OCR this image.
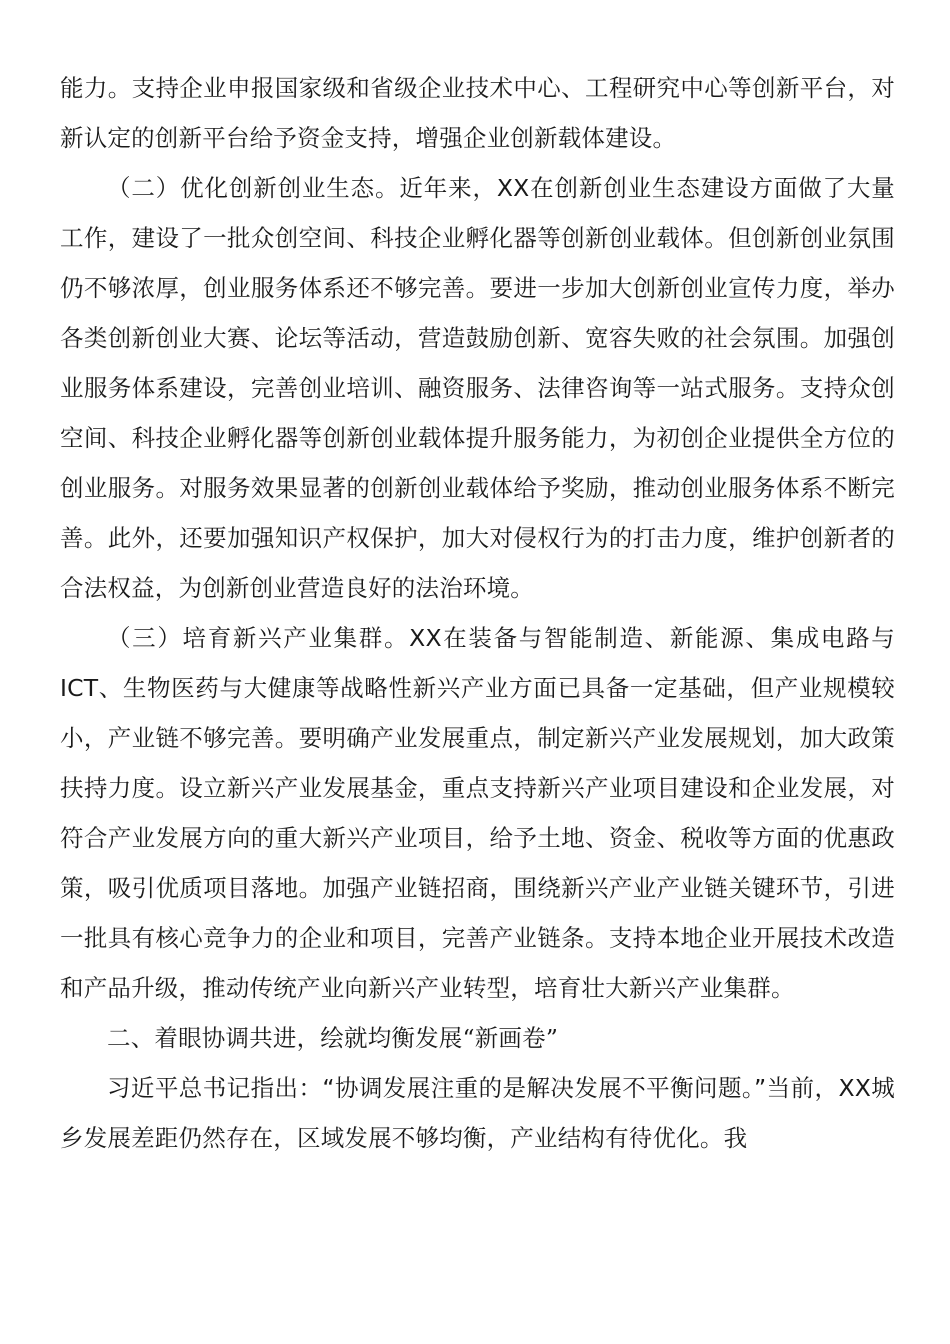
能力。支持企业申报国家级和省级企业技术中心、工程研究中心等创新平台，对新认定的创新平台给予资金支持，增强企业创新载体建设。

（二）优化创新创业生态。近年来，XX在创新创业生态建设方面做了大量工作，建设了一批众创空间、科技企业孵化器等创新创业载体。但创新创业氛围仍不够浓厚，创业服务体系还不够完善。要进一步加大创新创业宣传力度，举办各类创新创业大赛、论坛等活动，营造鼓励创新、宽容失败的社会氛围。加强创业服务体系建设，完善创业培训、融资服务、法律咨询等一站式服务。支持众创空间、科技企业孵化器等创新创业载体提升服务能力，为初创企业提供全方位的创业服务。对服务效果显著的创新创业载体给予奖励，推动创业服务体系不断完善。此外，还要加强知识产权保护，加大对侵权行为的打击力度，维护创新者的合法权益，为创新创业营造良好的法治环境。

（三）培育新兴产业集群。XX在装备与智能制造、新能源、集成电路与ICT、生物医药与大健康等战略性新兴产业方面已具备一定基础，但产业规模较小，产业链不够完善。要明确产业发展重点，制定新兴产业发展规划，加大政策扶持力度。设立新兴产业发展基金，重点支持新兴产业项目建设和企业发展，对符合产业发展方向的重大新兴产业项目，给予土地、资金、税收等方面的优惠政策，吸引优质项目落地。加强产业链招商，围绕新兴产业产业链关键环节，引进一批具有核心竞争力的企业和项目，完善产业链条。支持本地企业开展技术改造和产品升级，推动传统产业向新兴产业转型，培育壮大新兴产业集群。

二、着眼协调共进，绘就均衡发展“新画卷”

习近平总书记指出：“协调发展注重的是解决发展不平衡问题。”当前，XX城乡发展差距仍然存在，区域发展不够均衡，产业结构有待优化。我
